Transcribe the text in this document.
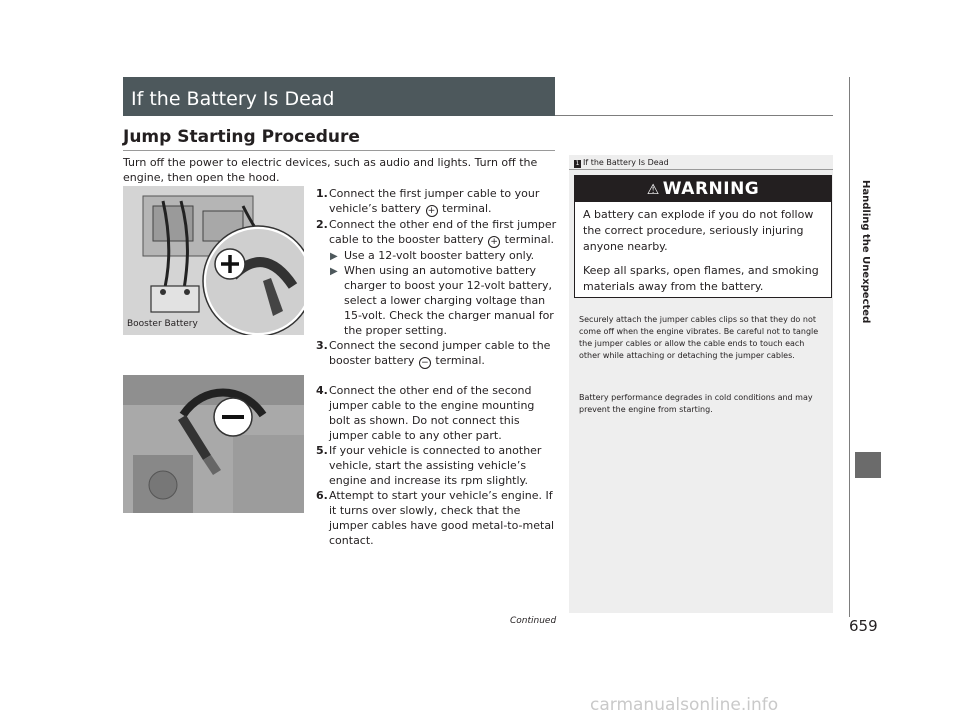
If the Battery Is Dead
Jump Starting Procedure
Turn off the power to electric devices, such as audio and lights. Turn off the engine, then open the hood.
Booster Battery

1. Connect the first jumper cable to your vehicle’s battery + terminal.

2. Connect the other end of the first jumper cable to the booster battery + terminal.

▶ Use a 12-volt booster battery only.

▶ When using an automotive battery charger to boost your 12-volt battery, select a lower charging voltage than 15-volt. Check the charger manual for the proper setting.

3. Connect the second jumper cable to the booster battery − terminal.

4. Connect the other end of the second jumper cable to the engine mounting bolt as shown. Do not connect this jumper cable to any other part.

5. If your vehicle is connected to another vehicle, start the assisting vehicle’s engine and increase its rpm slightly.

6. Attempt to start your vehicle’s engine. If it turns over slowly, check that the jumper cables have good metal-to-metal contact.

1 If the Battery Is Dead
⚠ WARNING
A battery can explode if you do not follow the correct procedure, seriously injuring anyone nearby.
Keep all sparks, open flames, and smoking materials away from the battery.
Securely attach the jumper cables clips so that they do not come off when the engine vibrates. Be careful not to tangle the jumper cables or allow the cable ends to touch each other while attaching or detaching the jumper cables.
Battery performance degrades in cold conditions and may prevent the engine from starting.
Handling the Unexpected
Continued	659
carmanualsonline.info
